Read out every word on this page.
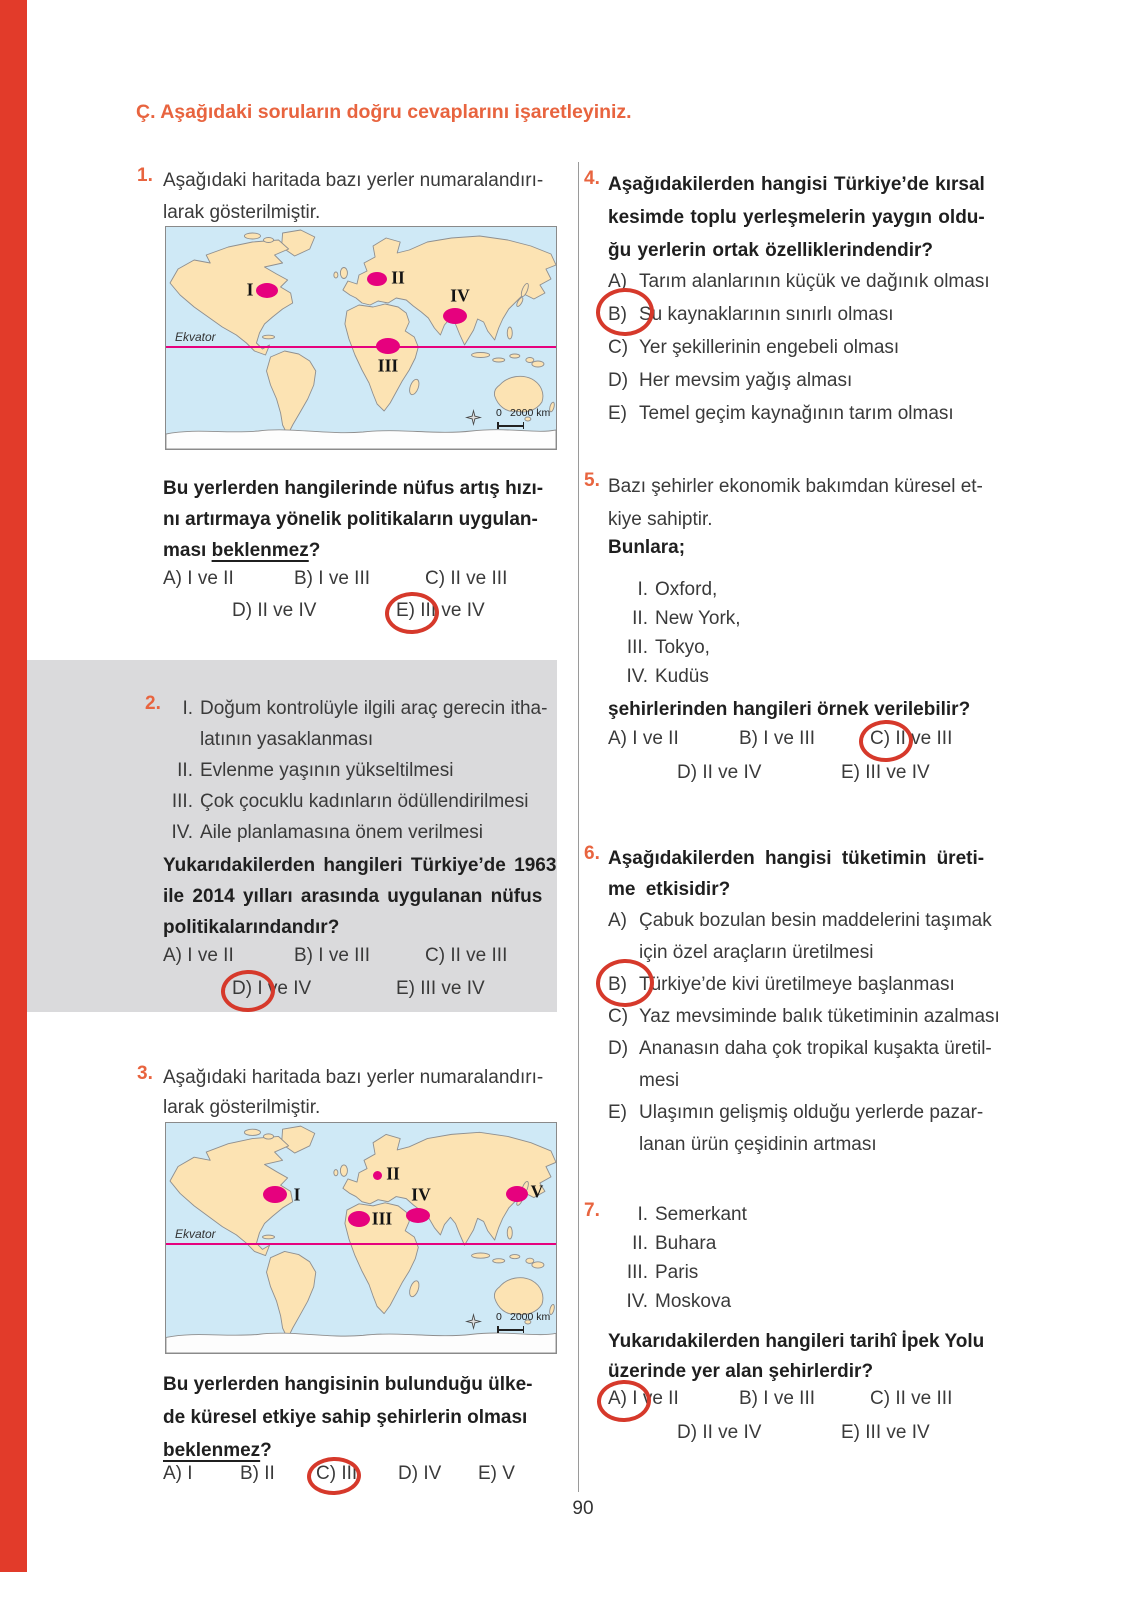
Ç. Aşağıdaki soruların doğru cevaplarını işaretleyiniz.
1. Aşağıdaki haritada bazı yerler numaralandırı-
larak gösterilmiştir.
Ekvator
I
II
III
IV
0 2000 km
Bu yerlerden hangilerinde nüfus artış hızı-
nı artırmaya yönelik politikaların uygulan-
ması beklenmez?
A) I ve II	B) I ve III	C) II ve III
D) II ve IV	E) III ve IV
2.	I. Doğum kontrolüyle ilgili araç gerecin itha-
latının yasaklanması
II. Evlenme yaşının yükseltilmesi
III. Çok çocuklu kadınların ödüllendirilmesi
IV. Aile planlamasına önem verilmesi
Yukarıdakilerden hangileri Türkiye’de 1963
ile 2014 yılları arasında uygulanan nüfus
politikalarındandır?
A) I ve II	B) I ve III	C) II ve III
D) I ve IV	E) III ve IV
3. Aşağıdaki haritada bazı yerler numaralandırı-
larak gösterilmiştir.
Ekvator
I
II
III
IV	V
0 2000 km
Bu yerlerden hangisinin bulunduğu ülke-
de küresel etkiye sahip şehirlerin olması
beklenmez?
A) I	B) II	C) III	D) IV	E) V
4. Aşağıdakilerden hangisi Türkiye’de kırsal
kesimde toplu yerleşmelerin yaygın oldu-
ğu yerlerin ortak özelliklerindendir?
A) Tarım alanlarının küçük ve dağınık olması
B) Su kaynaklarının sınırlı olması
C) Yer şekillerinin engebeli olması
D) Her mevsim yağış alması
E) Temel geçim kaynağının tarım olması
5. Bazı şehirler ekonomik bakımdan küresel et-
kiye sahiptir.
Bunlara;
I. Oxford,
II. New York,
III. Tokyo,
IV. Kudüs
şehirlerinden hangileri örnek verilebilir?
A) I ve II	B) I ve III	C) II ve III
D) II ve IV	E) III ve IV
6. Aşağıdakilerden hangisi tüketimin üreti-
me etkisidir?
A) Çabuk bozulan besin maddelerini taşımak
için özel araçların üretilmesi
B) Türkiye’de kivi üretilmeye başlanması
C) Yaz mevsiminde balık tüketiminin azalması
D) Ananasın daha çok tropikal kuşakta üretil-
mesi
E) Ulaşımın gelişmiş olduğu yerlerde pazar-
lanan ürün çeşidinin artması
7.	I. Semerkant
II. Buhara
III. Paris
IV. Moskova
Yukarıdakilerden hangileri tarihî İpek Yolu
üzerinde yer alan şehirlerdir?
A) I ve II	B) I ve III	C) II ve III
D) II ve IV	E) III ve IV
90
